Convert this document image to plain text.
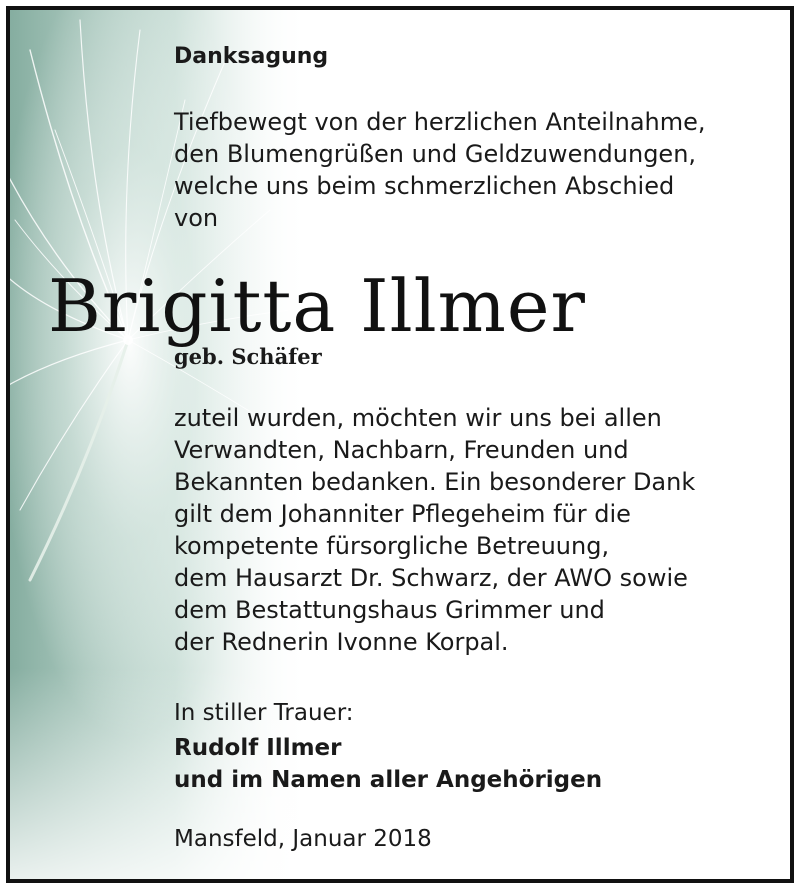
Danksagung

Tiefbewegt von der herzlichen Anteilnahme,
den Blumengrüßen und Geldzuwendungen,
welche uns beim schmerzlichen Abschied
von

Brigitta Illmer

geb. Schäfer

zuteil wurden, möchten wir uns bei allen
Verwandten, Nachbarn, Freunden und
Bekannten bedanken. Ein besonderer Dank
gilt dem Johanniter Pflegeheim für die
kompetente fürsorgliche Betreuung,
dem Hausarzt Dr. Schwarz, der AWO sowie
dem Bestattungshaus Grimmer und
der Rednerin Ivonne Korpal.

In stiller Trauer:

Rudolf Illmer

und im Namen aller Angehörigen

Mansfeld, Januar 2018
